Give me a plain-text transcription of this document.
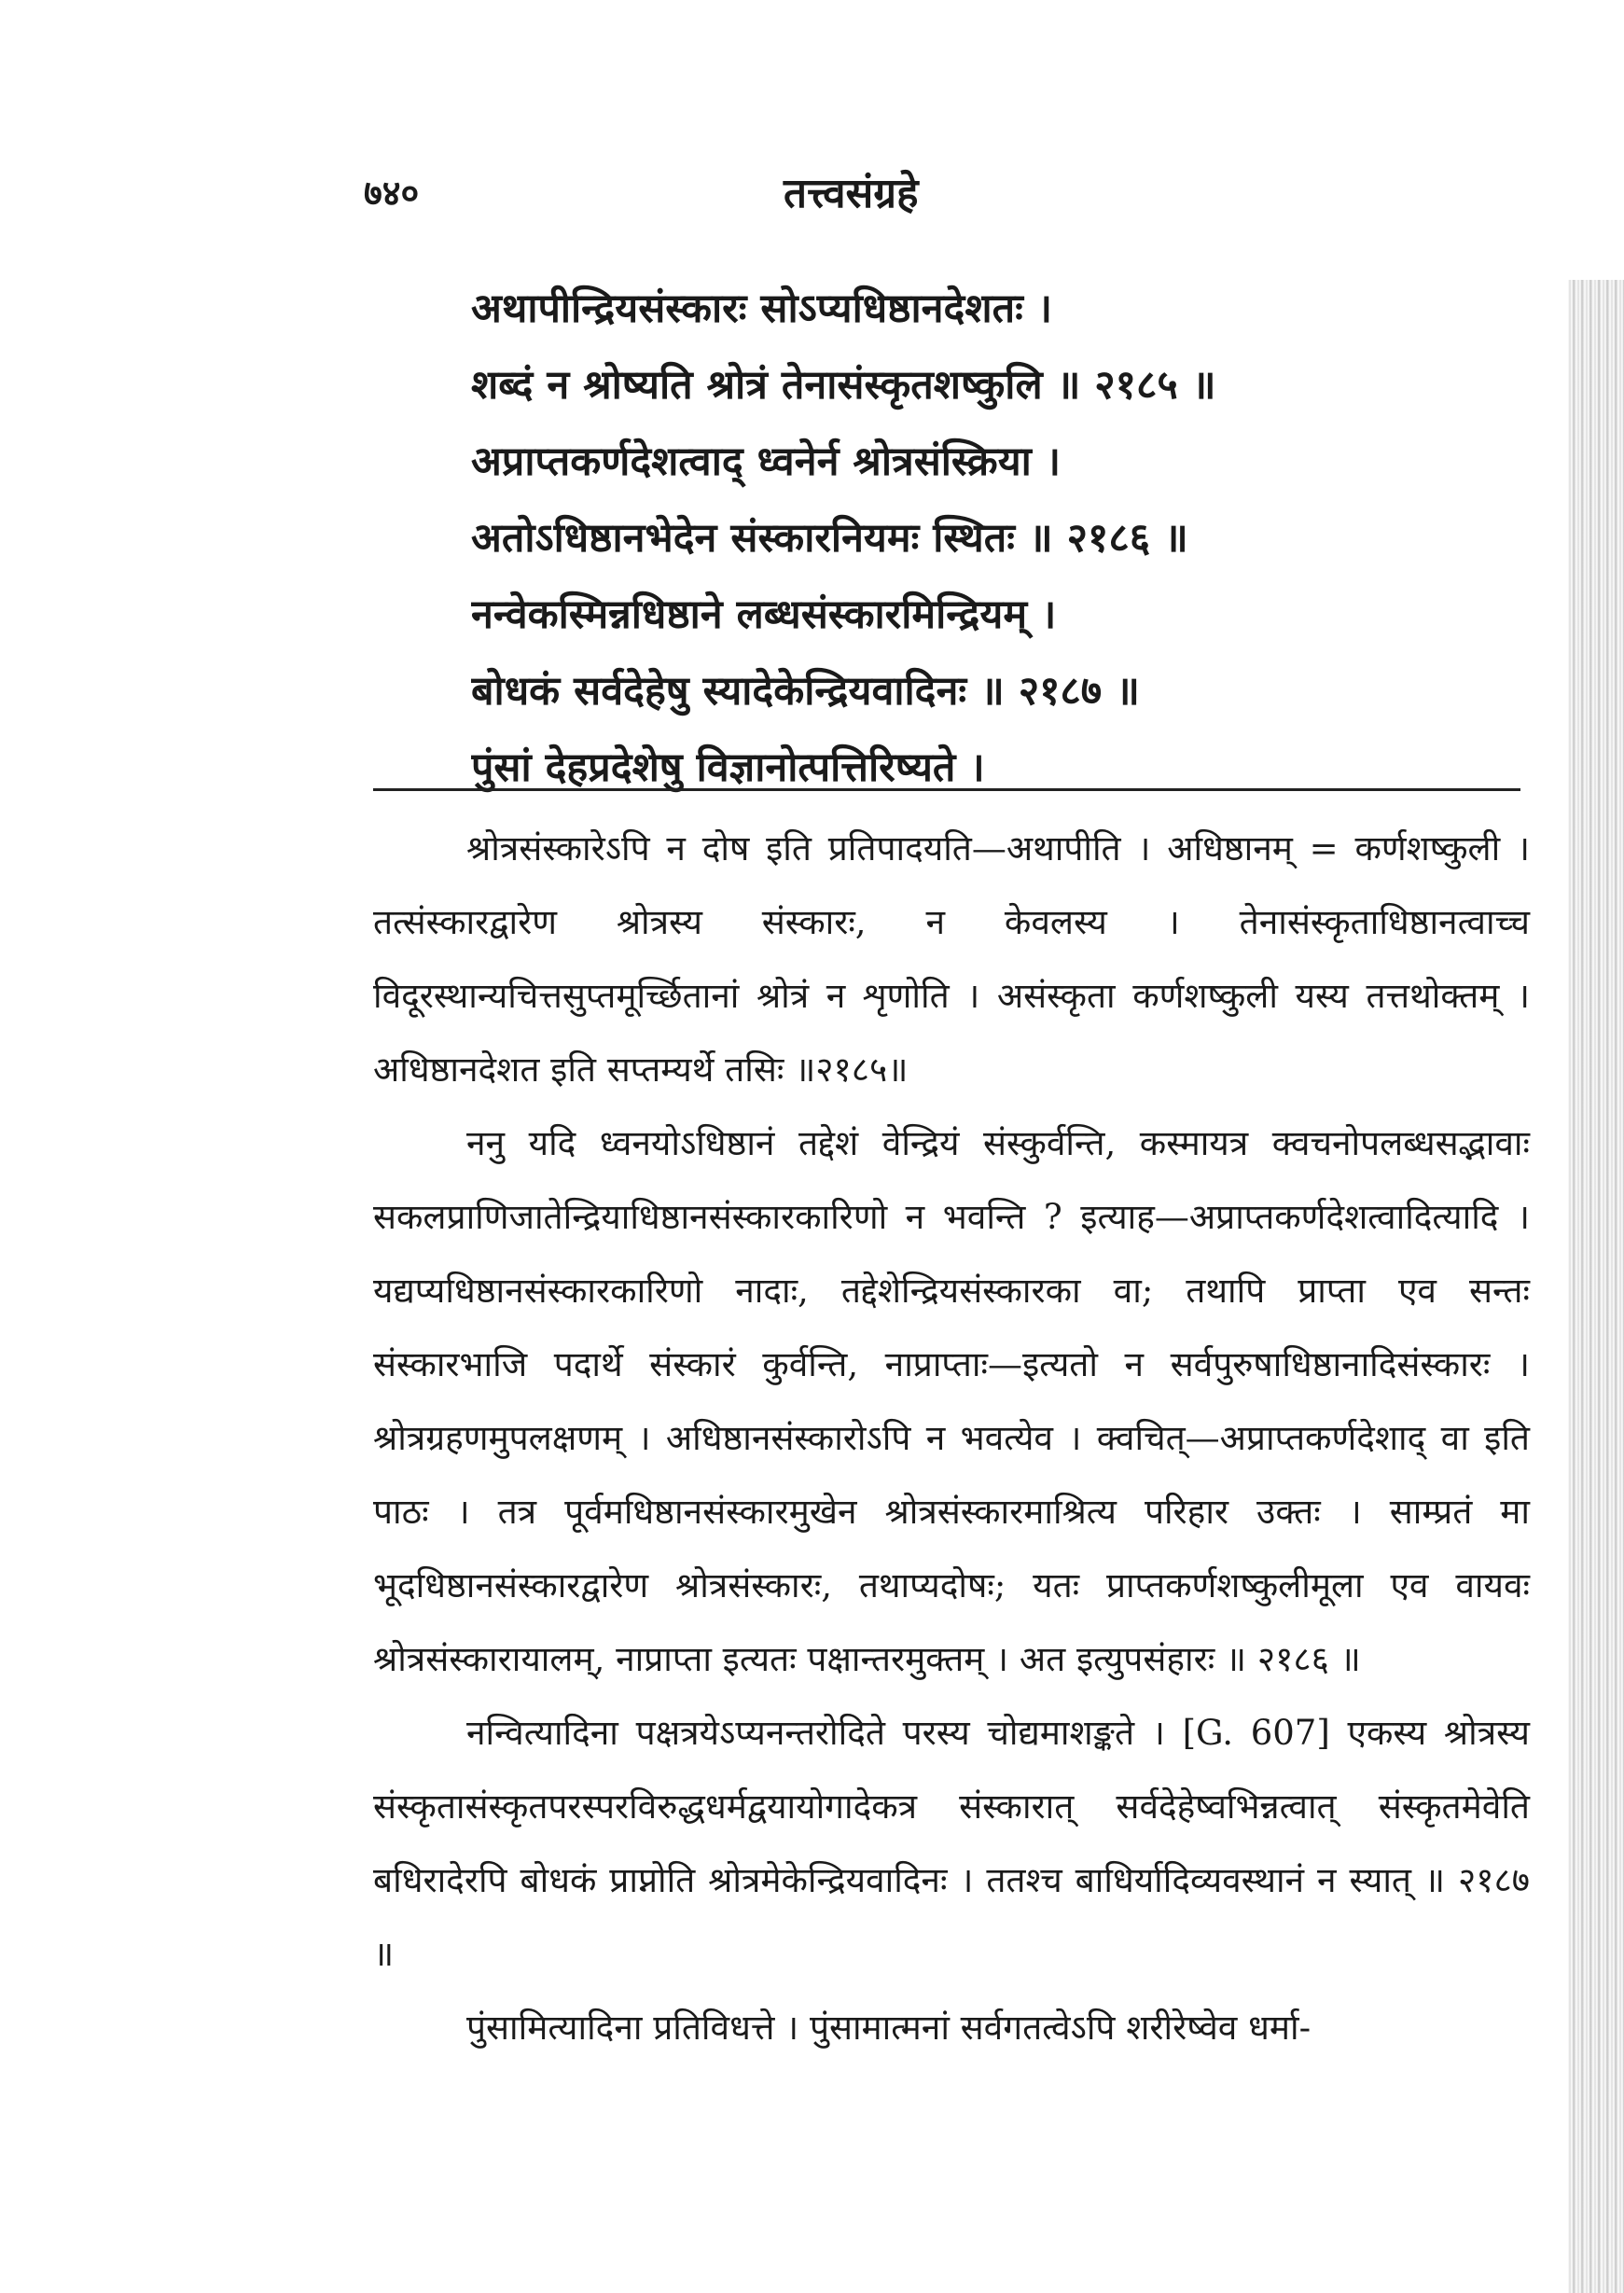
७४०	तत्त्वसंग्रहे
अथापीन्द्रियसंस्कारः सोऽप्यधिष्ठानदेशतः ।
शब्दं न श्रोष्यति श्रोत्रं तेनासंस्कृतशष्कुलि ॥ २१८५ ॥
अप्राप्तकर्णदेशत्वाद् ध्वनेर्न श्रोत्रसंस्क्रिया ।
अतोऽधिष्ठानभेदेन संस्कारनियमः स्थितः ॥ २१८६ ॥
नन्वेकस्मिन्नधिष्ठाने लब्धसंस्कारमिन्द्रियम् ।
बोधकं सर्वदेहेषु स्यादेकेन्द्रियवादिनः ॥ २१८७ ॥
पुंसां देहप्रदेशेषु विज्ञानोत्पत्तिरिष्यते ।

श्रोत्रसंस्कारेऽपि न दोष इति प्रतिपादयति—अथापीति । अधिष्ठानम् = कर्णशष्कुली । तत्संस्कारद्वारेण श्रोत्रस्य संस्कारः, न केवलस्य । तेनासंस्कृताधिष्ठानत्वाच्च विदूरस्थान्यचित्तसुप्तमूर्च्छितानां श्रोत्रं न शृणोति । असंस्कृता कर्णशष्कुली यस्य तत्तथोक्तम् । अधिष्ठानदेशत इति सप्तम्यर्थे तसिः ॥२१८५॥

ननु यदि ध्वनयोऽधिष्ठानं तद्देशं वेन्द्रियं संस्कुर्वन्ति, कस्मायत्र क्वचनोपलब्धसद्भावाः सकलप्राणिजातेन्द्रियाधिष्ठानसंस्कारकारिणो न भवन्ति ? इत्याह—अप्राप्तकर्णदेशत्वादित्यादि । यद्यप्यधिष्ठानसंस्कारकारिणो नादाः, तद्देशेन्द्रियसंस्कारका वा; तथापि प्राप्ता एव सन्तः संस्कारभाजि पदार्थे संस्कारं कुर्वन्ति, नाप्राप्ताः—इत्यतो न सर्वपुरुषाधिष्ठानादिसंस्कारः । श्रोत्रग्रहणमुपलक्षणम् । अधिष्ठानसंस्कारोऽपि न भवत्येव । क्वचित्—अप्राप्तकर्णदेशाद् वा इति पाठः । तत्र पूर्वमधिष्ठानसंस्कारमुखेन श्रोत्रसंस्कारमाश्रित्य परिहार उक्तः । साम्प्रतं मा भूदधिष्ठानसंस्कारद्वारेण श्रोत्रसंस्कारः, तथाप्यदोषः; यतः प्राप्तकर्णशष्कुलीमूला एव वायवः श्रोत्रसंस्कारायालम्, नाप्राप्ता इत्यतः पक्षान्तरमुक्तम् । अत इत्युपसंहारः ॥ २१८६ ॥

नन्वित्यादिना पक्षत्रयेऽप्यनन्तरोदिते परस्य चोद्यमाशङ्कते । [G. 607] एकस्य श्रोत्रस्य संस्कृतासंस्कृतपरस्परविरुद्धधर्मद्वयायोगादेकत्र संस्कारात् सर्वदेहेष्वभिन्नत्वात् संस्कृतमेवेति बधिरादेरपि बोधकं प्राप्नोति श्रोत्रमेकेन्द्रियवादिनः । ततश्च बाधिर्यादिव्यवस्थानं न स्यात् ॥ २१८७ ॥

पुंसामित्यादिना प्रतिविधत्ते । पुंसामात्मनां सर्वगतत्वेऽपि शरीरेष्वेव धर्मा-
